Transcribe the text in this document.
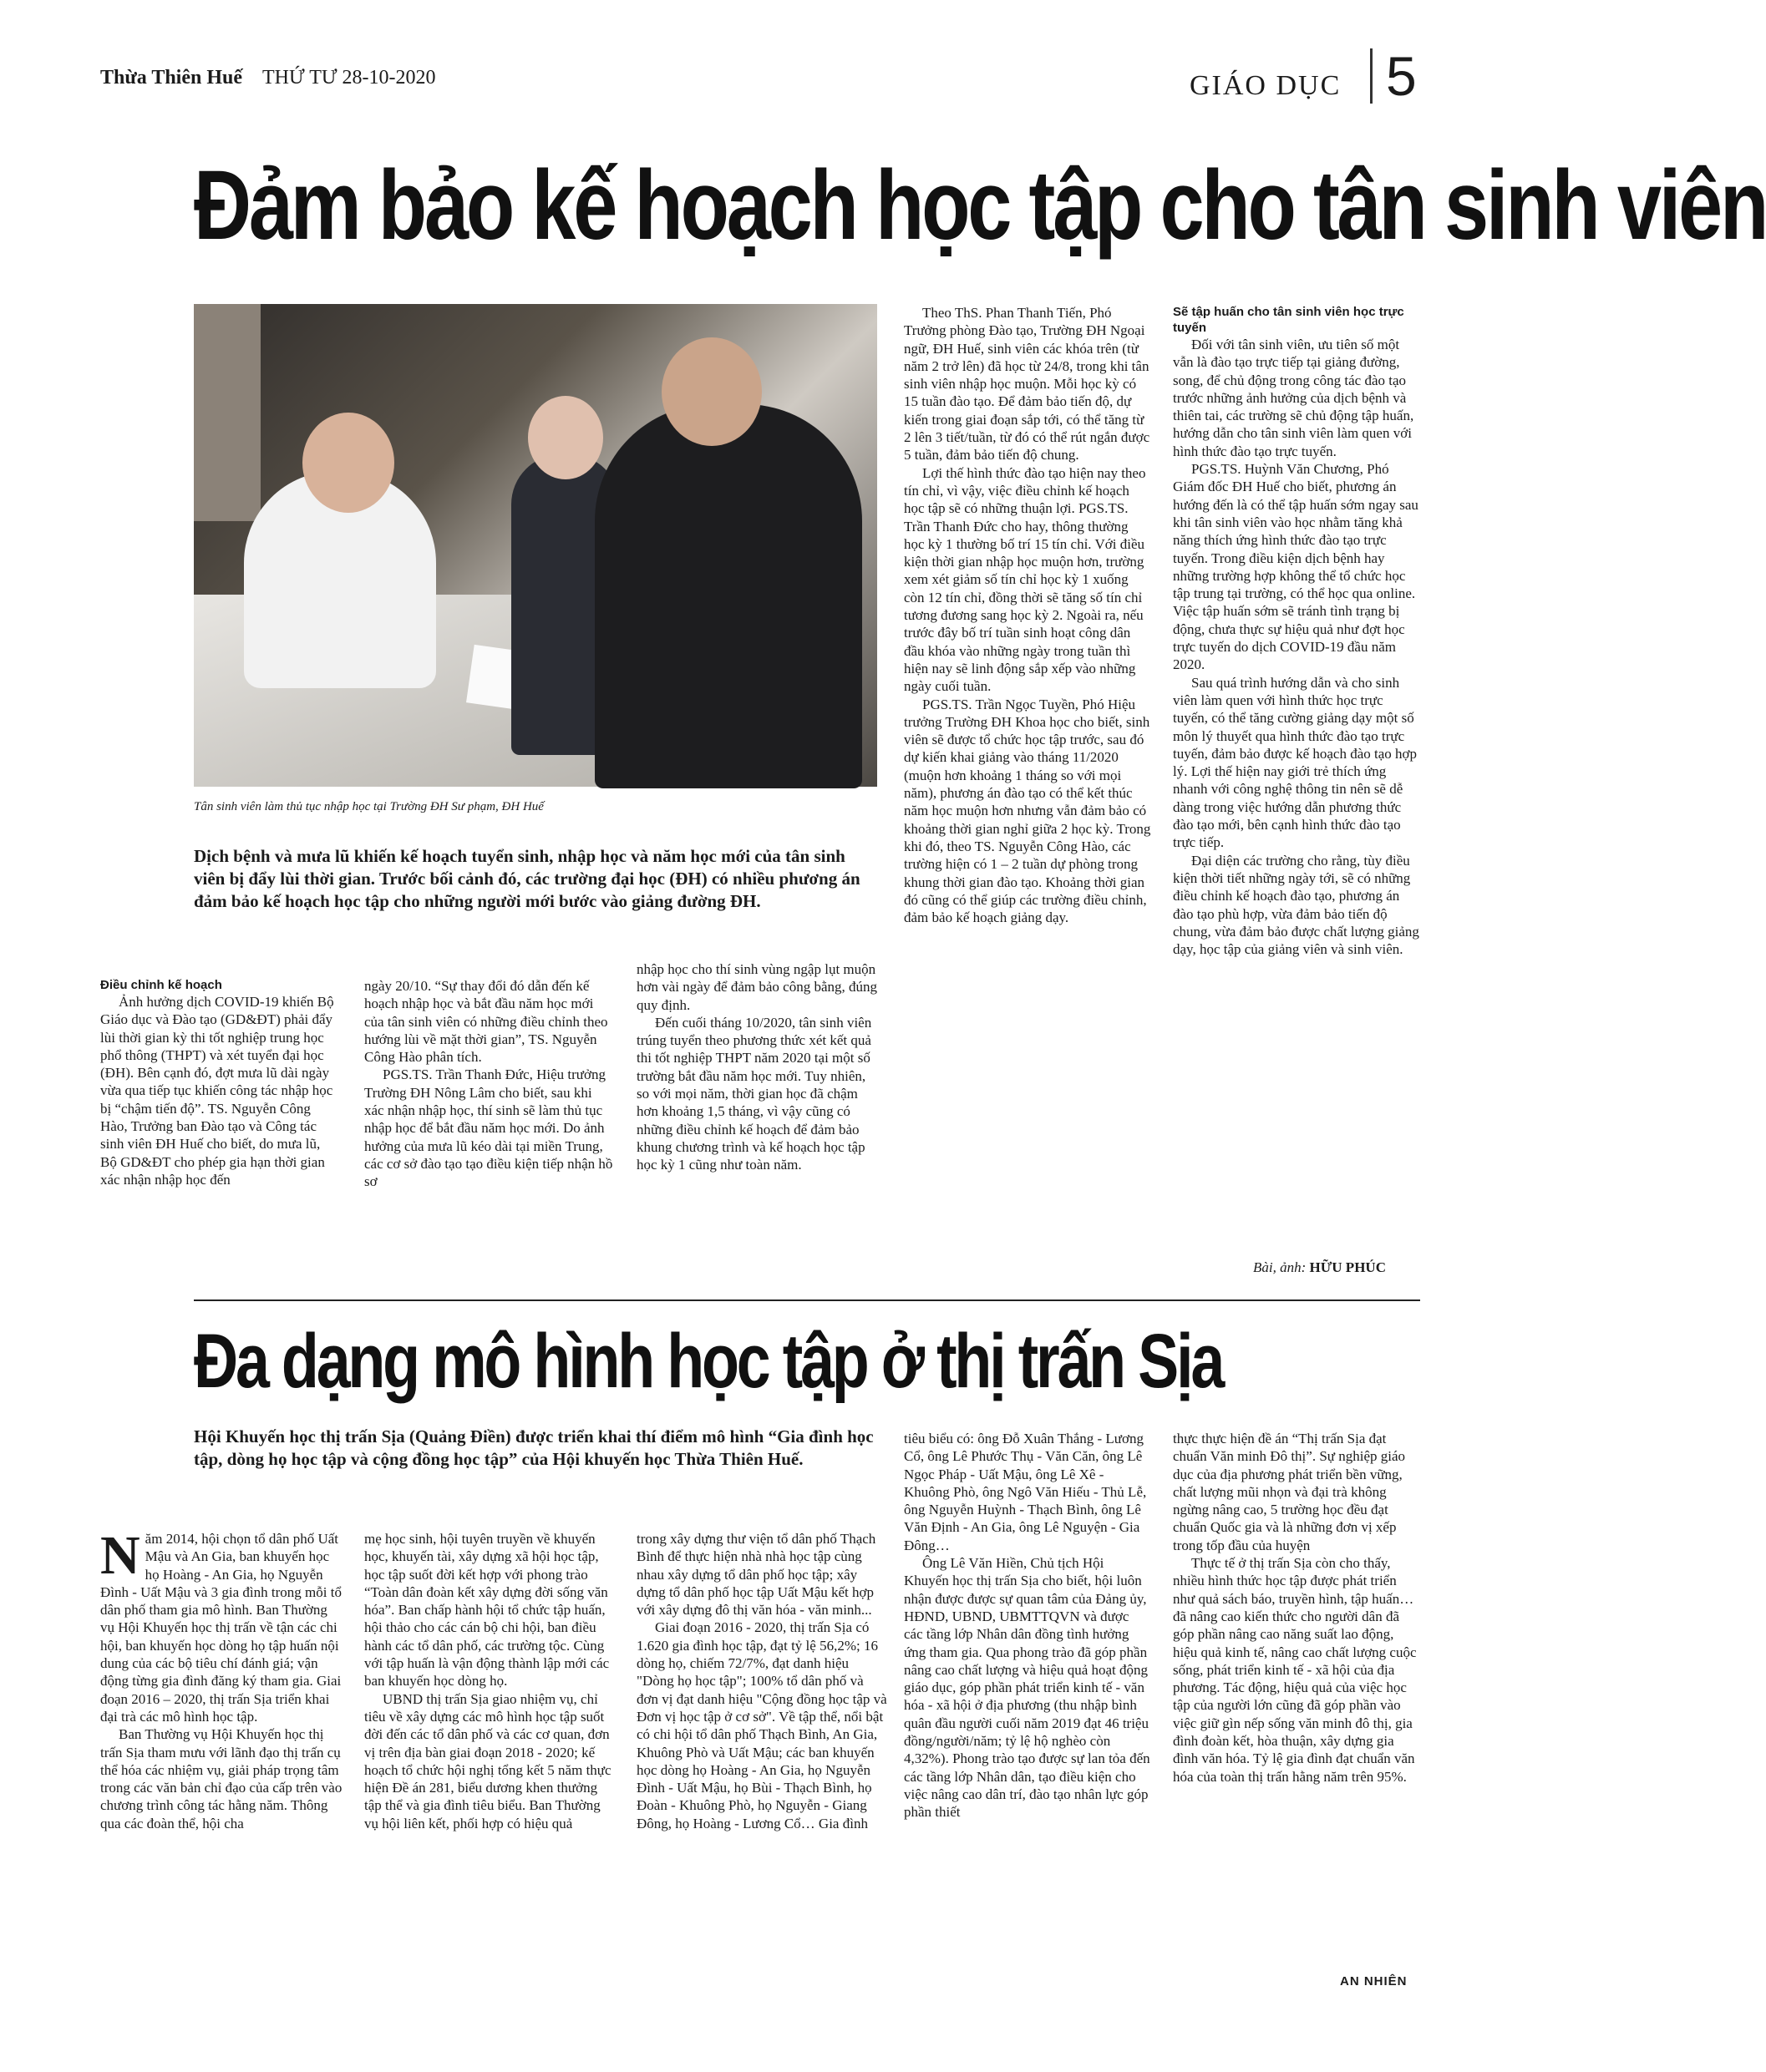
Thừa Thiên Huế THỨ TƯ 28-10-2020	GIÁO DỤC 5
Đảm bảo kế hoạch học tập cho tân sinh viên
Tân sinh viên làm thủ tục nhập học tại Trường ĐH Sư phạm, ĐH Huế
Dịch bệnh và mưa lũ khiến kế hoạch tuyển sinh, nhập học và năm học mới của tân sinh viên bị đẩy lùi thời gian. Trước bối cảnh đó, các trường đại học (ĐH) có nhiều phương án đảm bảo kế hoạch học tập cho những người mới bước vào giảng đường ĐH.

Điều chỉnh kế hoạch

Ảnh hưởng dịch COVID-19 khiến Bộ Giáo dục và Đào tạo (GD&ĐT) phải đẩy lùi thời gian kỳ thi tốt nghiệp trung học phổ thông (THPT) và xét tuyển đại học (ĐH). Bên cạnh đó, đợt mưa lũ dài ngày vừa qua tiếp tục khiến công tác nhập học bị “chậm tiến độ”. TS. Nguyễn Công Hào, Trưởng ban Đào tạo và Công tác sinh viên ĐH Huế cho biết, do mưa lũ, Bộ GD&ĐT cho phép gia hạn thời gian xác nhận nhập học đến

ngày 20/10. “Sự thay đổi đó dẫn đến kế hoạch nhập học và bắt đầu năm học mới của tân sinh viên có những điều chỉnh theo hướng lùi về mặt thời gian”, TS. Nguyễn Công Hào phân tích.

PGS.TS. Trần Thanh Đức, Hiệu trưởng Trường ĐH Nông Lâm cho biết, sau khi xác nhận nhập học, thí sinh sẽ làm thủ tục nhập học để bắt đầu năm học mới. Do ảnh hưởng của mưa lũ kéo dài tại miền Trung, các cơ sở đào tạo tạo điều kiện tiếp nhận hồ sơ

nhập học cho thí sinh vùng ngập lụt muộn hơn vài ngày để đảm bảo công bằng, đúng quy định.

Đến cuối tháng 10/2020, tân sinh viên trúng tuyển theo phương thức xét kết quả thi tốt nghiệp THPT năm 2020 tại một số trường bắt đầu năm học mới. Tuy nhiên, so với mọi năm, thời gian học đã chậm hơn khoảng 1,5 tháng, vì vậy cũng có những điều chỉnh kế hoạch để đảm bảo khung chương trình và kế hoạch học tập học kỳ 1 cũng như toàn năm.

Theo ThS. Phan Thanh Tiến, Phó Trưởng phòng Đào tạo, Trường ĐH Ngoại ngữ, ĐH Huế, sinh viên các khóa trên (từ năm 2 trở lên) đã học từ 24/8, trong khi tân sinh viên nhập học muộn. Mỗi học kỳ có 15 tuần đào tạo. Để đảm bảo tiến độ, dự kiến trong giai đoạn sắp tới, có thể tăng từ 2 lên 3 tiết/tuần, từ đó có thể rút ngắn được 5 tuần, đảm bảo tiến độ chung.

Lợi thế hình thức đào tạo hiện nay theo tín chỉ, vì vậy, việc điều chỉnh kế hoạch học tập sẽ có những thuận lợi. PGS.TS. Trần Thanh Đức cho hay, thông thường học kỳ 1 thường bố trí 15 tín chỉ. Với điều kiện thời gian nhập học muộn hơn, trường xem xét giảm số tín chỉ học kỳ 1 xuống còn 12 tín chỉ, đồng thời sẽ tăng số tín chỉ tương đương sang học kỳ 2. Ngoài ra, nếu trước đây bố trí tuần sinh hoạt công dân đầu khóa vào những ngày trong tuần thì hiện nay sẽ linh động sắp xếp vào những ngày cuối tuần.

PGS.TS. Trần Ngọc Tuyền, Phó Hiệu trưởng Trường ĐH Khoa học cho biết, sinh viên sẽ được tổ chức học tập trước, sau đó dự kiến khai giảng vào tháng 11/2020 (muộn hơn khoảng 1 tháng so với mọi năm), phương án đào tạo có thể kết thúc năm học muộn hơn nhưng vẫn đảm bảo có khoảng thời gian nghỉ giữa 2 học kỳ. Trong khi đó, theo TS. Nguyễn Công Hào, các trường hiện có 1 – 2 tuần dự phòng trong khung thời gian đào tạo. Khoảng thời gian đó cũng có thể giúp các trường điều chỉnh, đảm bảo kế hoạch giảng dạy.

Sẽ tập huấn cho tân sinh viên học trực tuyến

Đối với tân sinh viên, ưu tiên số một vẫn là đào tạo trực tiếp tại giảng đường, song, để chủ động trong công tác đào tạo trước những ảnh hưởng của dịch bệnh và thiên tai, các trường sẽ chủ động tập huấn, hướng dẫn cho tân sinh viên làm quen với hình thức đào tạo trực tuyến.

PGS.TS. Huỳnh Văn Chương, Phó Giám đốc ĐH Huế cho biết, phương án hướng đến là có thể tập huấn sớm ngay sau khi tân sinh viên vào học nhằm tăng khả năng thích ứng hình thức đào tạo trực tuyến. Trong điều kiện dịch bệnh hay những trường hợp không thể tổ chức học tập trung tại trường, có thể học qua online. Việc tập huấn sớm sẽ tránh tình trạng bị động, chưa thực sự hiệu quả như đợt học trực tuyến do dịch COVID-19 đầu năm 2020.

Sau quá trình hướng dẫn và cho sinh viên làm quen với hình thức học trực tuyến, có thể tăng cường giảng dạy một số môn lý thuyết qua hình thức đào tạo trực tuyến, đảm bảo được kế hoạch đào tạo hợp lý. Lợi thế hiện nay giới trẻ thích ứng nhanh với công nghệ thông tin nên sẽ dễ dàng trong việc hướng dẫn phương thức đào tạo mới, bên cạnh hình thức đào tạo trực tiếp.

Đại diện các trường cho rằng, tùy điều kiện thời tiết những ngày tới, sẽ có những điều chỉnh kế hoạch đào tạo, phương án đào tạo phù hợp, vừa đảm bảo tiến độ chung, vừa đảm bảo được chất lượng giảng dạy, học tập của giảng viên và sinh viên.

Bài, ảnh: HỮU PHÚC
Đa dạng mô hình học tập ở thị trấn Sịa
Hội Khuyến học thị trấn Sịa (Quảng Điền) được triển khai thí điểm mô hình “Gia đình học tập, dòng họ học tập và cộng đồng học tập” của Hội khuyến học Thừa Thiên Huế.

Năm 2014, hội chọn tổ dân phố Uất Mậu và An Gia, ban khuyến học họ Hoàng - An Gia, họ Nguyễn Đình - Uất Mậu và 3 gia đình trong mỗi tổ dân phố tham gia mô hình. Ban Thường vụ Hội Khuyến học thị trấn về tận các chi hội, ban khuyến học dòng họ tập huấn nội dung của các bộ tiêu chí đánh giá; vận động từng gia đình đăng ký tham gia. Giai đoạn 2016 – 2020, thị trấn Sịa triển khai đại trà các mô hình học tập.

Ban Thường vụ Hội Khuyến học thị trấn Sịa tham mưu với lãnh đạo thị trấn cụ thể hóa các nhiệm vụ, giải pháp trọng tâm trong các văn bản chỉ đạo của cấp trên vào chương trình công tác hằng năm. Thông qua các đoàn thể, hội cha

mẹ học sinh, hội tuyên truyền về khuyến học, khuyến tài, xây dựng xã hội học tập, học tập suốt đời kết hợp với phong trào “Toàn dân đoàn kết xây dựng đời sống văn hóa”. Ban chấp hành hội tổ chức tập huấn, hội thảo cho các cán bộ chi hội, ban điều hành các tổ dân phố, các trường tộc. Cùng với tập huấn là vận động thành lập mới các ban khuyến học dòng họ.

UBND thị trấn Sịa giao nhiệm vụ, chỉ tiêu về xây dựng các mô hình học tập suốt đời đến các tổ dân phố và các cơ quan, đơn vị trên địa bàn giai đoạn 2018 - 2020; kế hoạch tổ chức hội nghị tổng kết 5 năm thực hiện Đề án 281, biểu dương khen thưởng tập thể và gia đình tiêu biểu. Ban Thường vụ hội liên kết, phối hợp có hiệu quả

trong xây dựng thư viện tổ dân phố Thạch Bình để thực hiện nhà nhà học tập cùng nhau xây dựng tổ dân phố học tập; xây dựng tổ dân phố học tập Uất Mậu kết hợp với xây dựng đô thị văn hóa - văn minh...

Giai đoạn 2016 - 2020, thị trấn Sịa có 1.620 gia đình học tập, đạt tỷ lệ 56,2%; 16 dòng họ, chiếm 72/7%, đạt danh hiệu "Dòng họ học tập"; 100% tổ dân phố và đơn vị đạt danh hiệu "Cộng đồng học tập và Đơn vị học tập ở cơ sở". Về tập thể, nổi bật có chi hội tổ dân phố Thạch Bình, An Gia, Khuông Phò và Uất Mậu; các ban khuyến học dòng họ Hoàng - An Gia, họ Nguyễn Đình - Uất Mậu, họ Bùi - Thạch Bình, họ Đoàn - Khuông Phò, họ Nguyễn - Giang Đông, họ Hoàng - Lương Cổ… Gia đình

tiêu biểu có: ông Đỗ Xuân Thắng - Lương Cổ, ông Lê Phước Thụ - Văn Căn, ông Lê Ngọc Pháp - Uất Mậu, ông Lê Xê - Khuông Phò, ông Ngô Văn Hiếu - Thủ Lễ, ông Nguyễn Huỳnh - Thạch Bình, ông Lê Văn Định - An Gia, ông Lê Nguyện - Gia Đông…

Ông Lê Văn Hiền, Chủ tịch Hội Khuyến học thị trấn Sịa cho biết, hội luôn nhận được được sự quan tâm của Đảng ủy, HĐND, UBND, UBMTTQVN và được các tầng lớp Nhân dân đồng tình hưởng ứng tham gia. Qua phong trào đã góp phần nâng cao chất lượng và hiệu quả hoạt động giáo dục, góp phần phát triển kinh tế - văn hóa - xã hội ở địa phương (thu nhập bình quân đầu người cuối năm 2019 đạt 46 triệu đồng/người/năm; tỷ lệ hộ nghèo còn 4,32%). Phong trào tạo được sự lan tỏa đến các tầng lớp Nhân dân, tạo điều kiện cho việc nâng cao dân trí, đào tạo nhân lực góp phần thiết

thực thực hiện đề án “Thị trấn Sịa đạt chuẩn Văn minh Đô thị”. Sự nghiệp giáo dục của địa phương phát triển bền vững, chất lượng mũi nhọn và đại trà không ngừng nâng cao, 5 trường học đều đạt chuẩn Quốc gia và là những đơn vị xếp trong tốp đầu của huyện

Thực tế ở thị trấn Sịa còn cho thấy, nhiều hình thức học tập được phát triển như quả sách báo, truyền hình, tập huấn… đã nâng cao kiến thức cho người dân đã góp phần nâng cao năng suất lao động, hiệu quả kinh tế, nâng cao chất lượng cuộc sống, phát triển kinh tế - xã hội của địa phương. Tác động, hiệu quả của việc học tập của người lớn cũng đã góp phần vào việc giữ gìn nếp sống văn minh đô thị, gia đình đoàn kết, hòa thuận, xây dựng gia đình văn hóa. Tỷ lệ gia đình đạt chuẩn văn hóa của toàn thị trấn hằng năm trên 95%.

AN NHIÊN
